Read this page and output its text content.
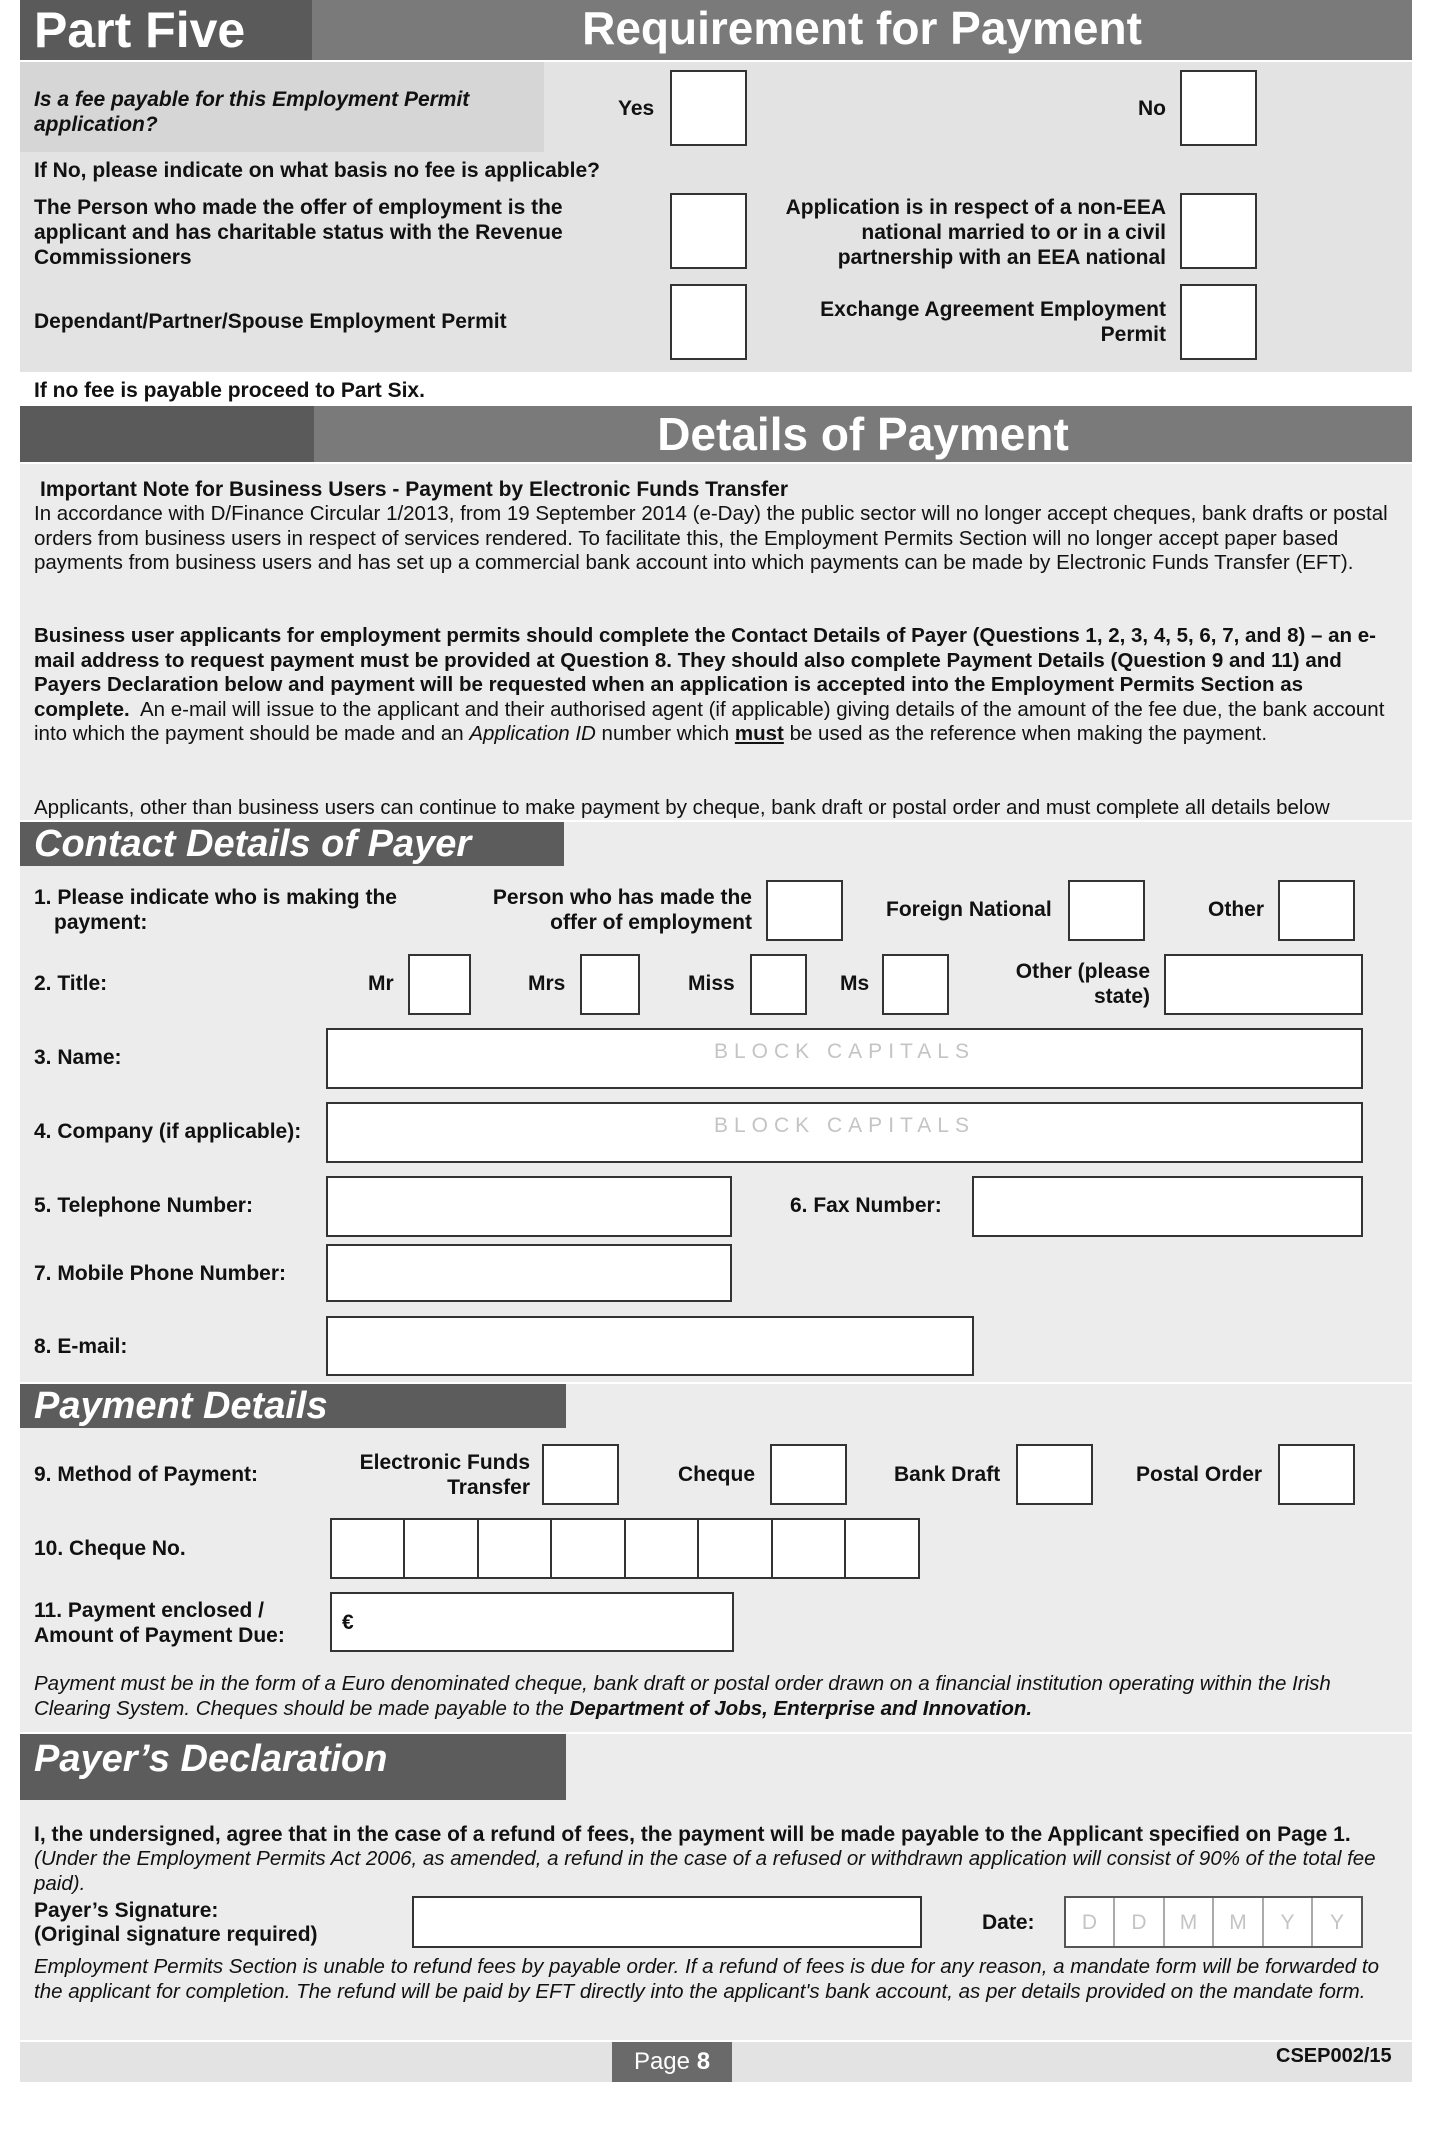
Part Five	Requirement for Payment
Is a fee payable for this Employment Permit application?
Yes	No
If No, please indicate on what basis no fee is applicable?
The Person who made the offer of employment is the applicant and has charitable status with the Revenue Commissioners
Application is in respect of a non-EEA national married to or in a civil partnership with an EEA national
Dependant/Partner/Spouse Employment Permit
Exchange Agreement Employment Permit
If no fee is payable proceed to Part Six.
Details of Payment
Important Note for Business Users - Payment by Electronic Funds Transfer
In accordance with D/Finance Circular 1/2013, from 19 September 2014 (e-Day) the public sector will no longer accept cheques, bank drafts or postal orders from business users in respect of services rendered. To facilitate this, the Employment Permits Section will no longer accept paper based payments from business users and has set up a commercial bank account into which payments can be made by Electronic Funds Transfer (EFT).
Business user applicants for employment permits should complete the Contact Details of Payer (Questions 1, 2, 3, 4, 5, 6, 7, and 8) – an e-mail address to request payment must be provided at Question 8. They should also complete Payment Details (Question 9 and 11) and Payers Declaration below and payment will be requested when an application is accepted into the Employment Permits Section as complete. An e-mail will issue to the applicant and their authorised agent (if applicable) giving details of the amount of the fee due, the bank account into which the payment should be made and an Application ID number which must be used as the reference when making the payment.
Applicants, other than business users can continue to make payment by cheque, bank draft or postal order and must complete all details below
Contact Details of Payer
1. Please indicate who is making the payment:
Person who has made the offer of employment
Foreign National	Other
2. Title:	Mr	Mrs	Miss	Ms
Other (please state)
3. Name:	BLOCK CAPITALS
4. Company (if applicable):	BLOCK CAPITALS
5. Telephone Number:	6. Fax Number:
7. Mobile Phone Number:
8. E-mail:
Payment Details
9. Method of Payment:
Electronic Funds Transfer
Cheque	Bank Draft	Postal Order
10. Cheque No.
11. Payment enclosed / Amount of Payment Due:
€
Payment must be in the form of a Euro denominated cheque, bank draft or postal order drawn on a financial institution operating within the Irish Clearing System. Cheques should be made payable to the Department of Jobs, Enterprise and Innovation.
Payer’s Declaration
I, the undersigned, agree that in the case of a refund of fees, the payment will be made payable to the Applicant specified on Page 1.
(Under the Employment Permits Act 2006, as amended, a refund in the case of a refused or withdrawn application will consist of 90% of the total fee paid).
Payer’s Signature:
(Original signature required)
Date:	D	D	M	M	Y	Y
Employment Permits Section is unable to refund fees by payable order. If a refund of fees is due for any reason, a mandate form will be forwarded to the applicant for completion. The refund will be paid by EFT directly into the applicant's bank account, as per details provided on the mandate form.
Page 8	CSEP002/15
